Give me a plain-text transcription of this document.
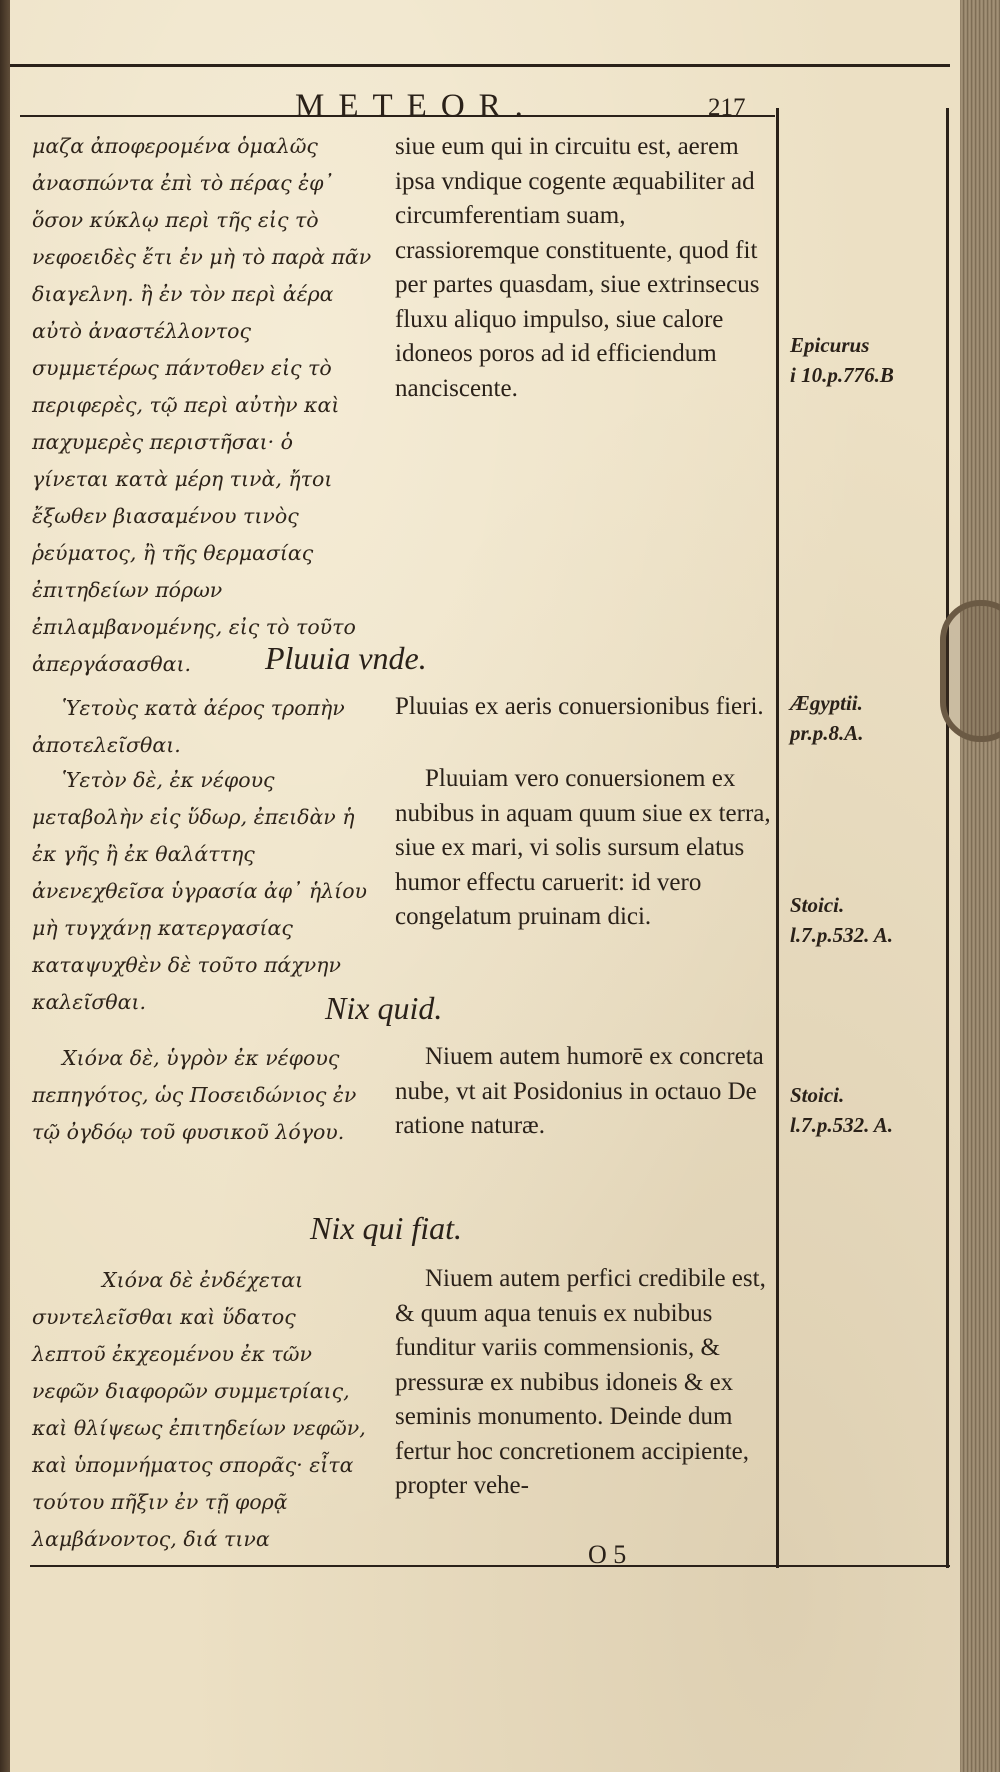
METEOR.	217

μαζα ἀποφερομένα ὁμαλῶς ἀνασπώντα ἐπὶ τὸ πέρας ἐφ᾽ ὅσον κύκλῳ περὶ τῆς εἰς τὸ νεφοειδὲς ἔτι ἐν μὴ τὸ παρὰ πᾶν διαγελνη. ἢ ἐν τὸν περὶ ἀέρα αὐτὸ ἀναστέλλοντος συμμετέρως πάντοθεν εἰς τὸ περιφερὲς, τῷ περὶ αὐτὴν καὶ παχυμερὲς περιστῆσαι· ὁ γίνεται κατὰ μέρη τινὰ, ἤτοι ἔξωθεν βιασαμένου τινὸς ῥεύματος, ἢ τῆς θερμασίας ἐπιτηδείων πόρων ἐπιλαμβανομένης, εἰς τὸ τοῦτο ἀπεργάσασθαι.

siue eum qui in circuitu est, aerem ipsa vndique cogente æquabiliter ad circumferentiam suam, crassioremque constituente, quod fit per partes quasdam, siue extrinsecus fluxu aliquo impulso, siue calore idoneos poros ad id efficiendum nanciscente.

Pluuia vnde.

Ὑετοὺς κατὰ ἀέρος τροπὴν ἀποτελεῖσθαι.

Ὑετὸν δὲ, ἐκ νέφους μεταβολὴν εἰς ὕδωρ, ἐπειδὰν ἡ ἐκ γῆς ἢ ἐκ θαλάττης ἀνενεχθεῖσα ὑγρασία ἀφ᾽ ἡλίου μὴ τυγχάνῃ κατεργασίας καταψυχθὲν δὲ τοῦτο πάχνην καλεῖσθαι.

Pluuias ex aeris conuersionibus fieri.

Pluuiam vero conuersionem ex nubibus in aquam quum siue ex terra, siue ex mari, vi solis sursum elatus humor effectu caruerit: id vero congelatum pruinam dici.

Nix quid.

Χιόνα δὲ, ὑγρὸν ἐκ νέφους πεπηγότος, ὡς Ποσειδώνιος ἐν τῷ ὀγδόῳ τοῦ φυσικοῦ λόγου.

Niuem autem humorē ex concreta nube, vt ait Posidonius in octauo De ratione naturæ.

Nix qui fiat.

Χιόνα δὲ ἐνδέχεται συντελεῖσθαι καὶ ὕδατος λεπτοῦ ἐκχεομένου ἐκ τῶν νεφῶν διαφορῶν συμμετρίαις, καὶ θλίψεως ἐπιτηδείων νεφῶν, καὶ ὑπομνήματος σπορᾶς· εἶτα τούτου πῆξιν ἐν τῇ φορᾷ λαμβάνοντος, διά τινα

Niuem autem perfici credibile est, & quum aqua tenuis ex nubibus funditur variis commensionis, & pressuræ ex nubibus idoneis & ex seminis monumento. Deinde dum fertur hoc concretionem accipiente, propter vehe-

Epicurus
i 10.p.776.B
Ægyptii.
pr.p.8.A.
Stoici.
l.7.p.532. A.
Stoici.
l.7.p.532. A.
O 5
